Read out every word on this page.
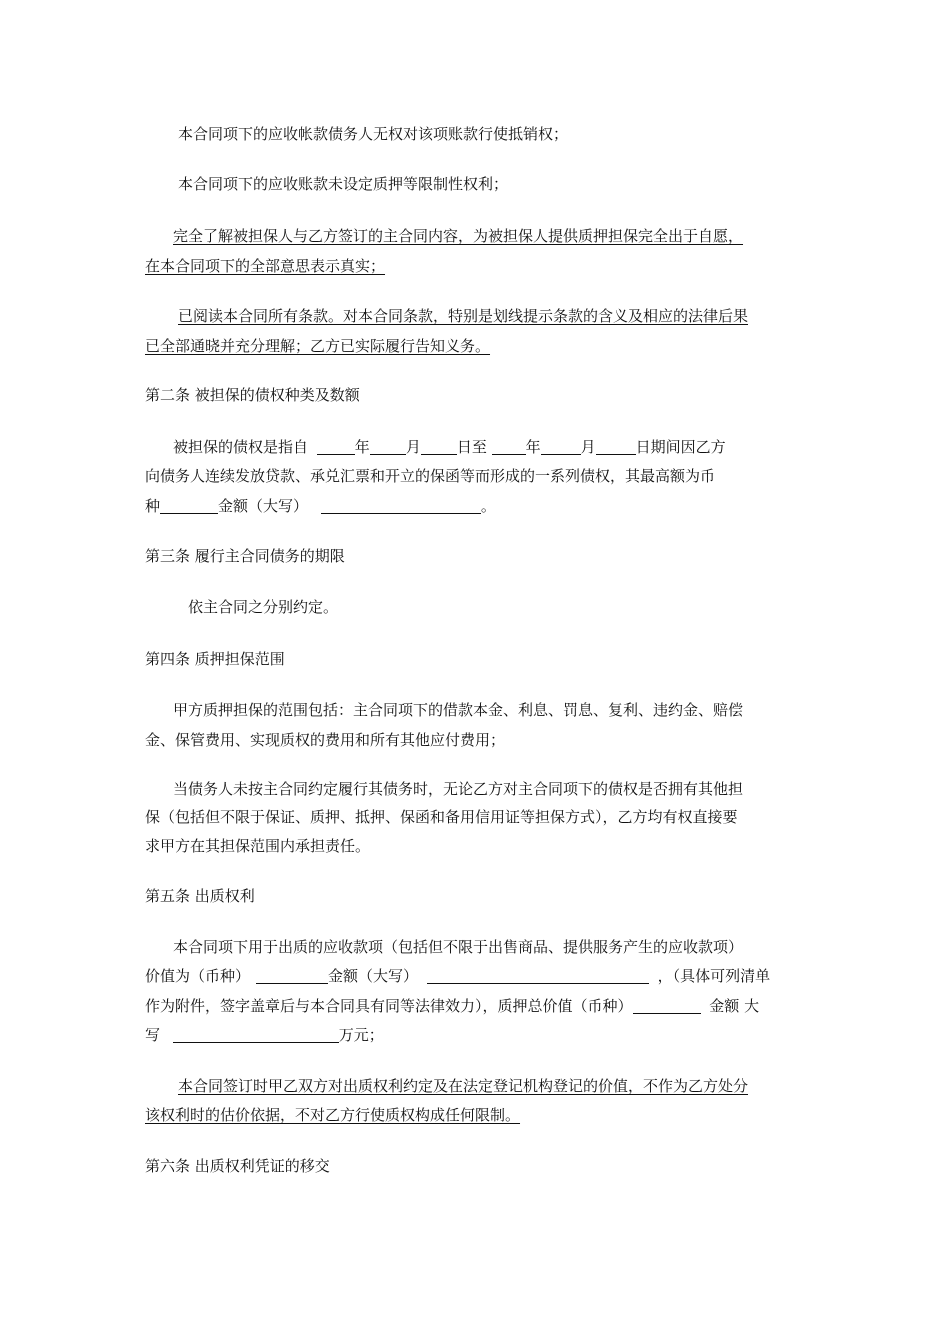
本合同项下的应收帐款债务人无权对该项账款行使抵销权；
本合同项下的应收账款未设定质押等限制性权利；
完全了解被担保人与乙方签订的主合同内容，为被担保人提供质押担保完全出于自愿，
在本合同项下的全部意思表示真实；
已阅读本合同所有条款。对本合同条款，特别是划线提示条款的含义及相应的法律后果
已全部通晓并充分理解；乙方已实际履行告知义务。
第二条 被担保的债权种类及数额
被担保的债权是指自	年 月 日至	年	月	日期间因乙方
向债务人连续发放贷款、承兑汇票和开立的保函等而形成的一系列债权，其最高额为币
种	金额（大写）	。
第三条 履行主合同债务的期限
依主合同之分别约定。
第四条 质押担保范围
甲方质押担保的范围包括：主合同项下的借款本金、利息、罚息、复利、违约金、赔偿
金、保管费用、实现质权的费用和所有其他应付费用；
当债务人未按主合同约定履行其债务时，无论乙方对主合同项下的债权是否拥有其他担
保（包括但不限于保证、质押、抵押、保函和备用信用证等担保方式），乙方均有权直接要
求甲方在其担保范围内承担责任。
第五条 出质权利
本合同项下用于出质的应收款项（包括但不限于出售商品、提供服务产生的应收款项）
价值为（币种）	金额（大写）	，（具体可列清单
作为附件，签字盖章后与本合同具有同等法律效力），质押总价值（币种）	金额 大
写	万元；
本合同签订时甲乙双方对出质权利约定及在法定登记机构登记的价值，不作为乙方处分
该权利时的估价依据，不对乙方行使质权构成任何限制。
第六条 出质权利凭证的移交
